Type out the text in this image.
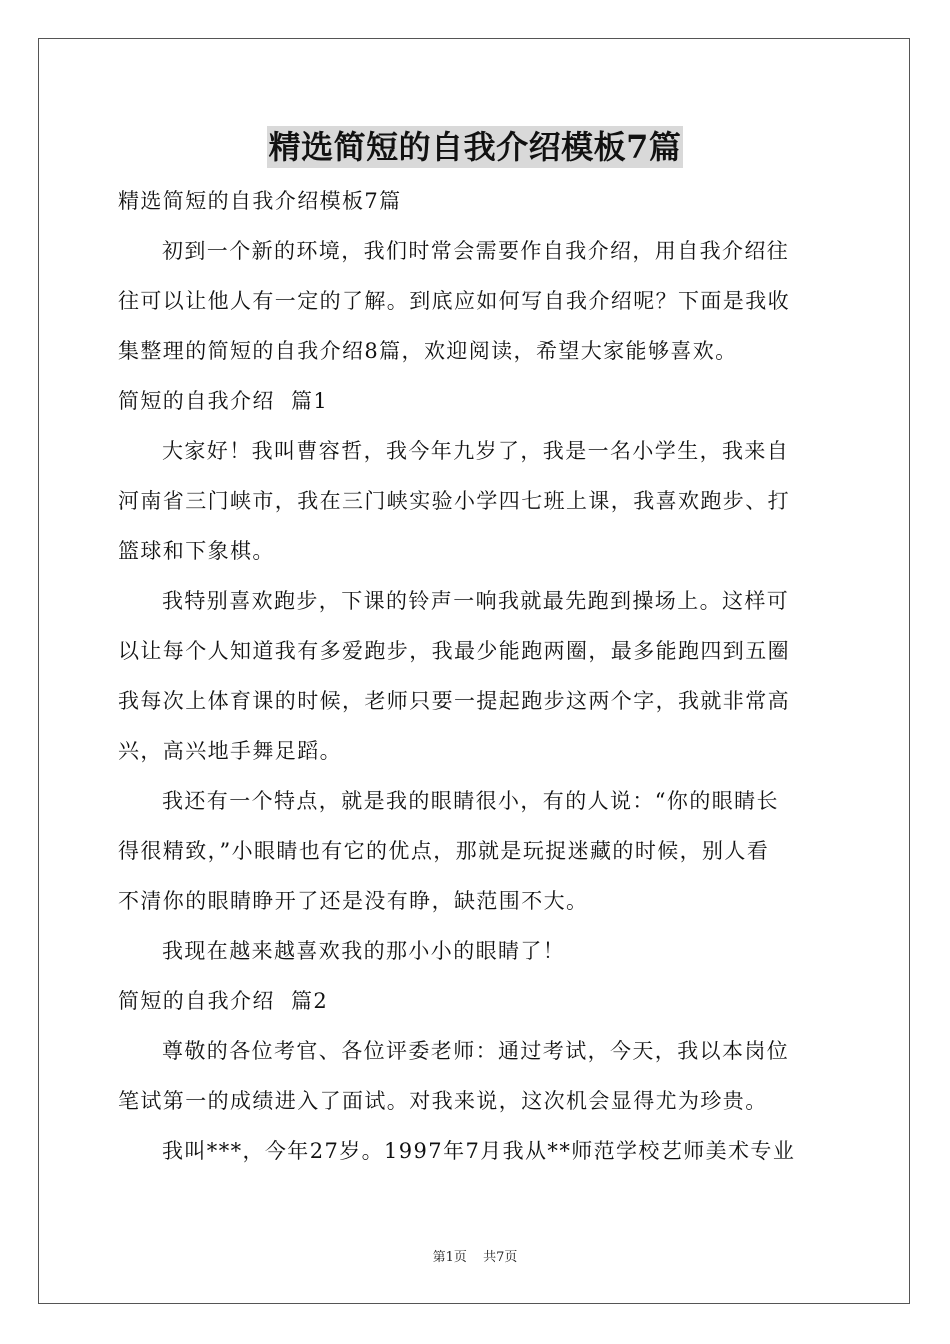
精选简短的自我介绍模板7篇
精选简短的自我介绍模板7篇
初到一个新的环境，我们时常会需要作自我介绍，用自我介绍往
往可以让他人有一定的了解。到底应如何写自我介绍呢？下面是我收
集整理的简短的自我介绍8篇，欢迎阅读，希望大家能够喜欢。
简短的自我介绍  篇1
大家好！我叫曹容哲，我今年九岁了，我是一名小学生，我来自
河南省三门峡市，我在三门峡实验小学四七班上课，我喜欢跑步、打
篮球和下象棋。
我特别喜欢跑步，下课的铃声一响我就最先跑到操场上。这样可
以让每个人知道我有多爱跑步，我最少能跑两圈，最多能跑四到五圈
我每次上体育课的时候，老师只要一提起跑步这两个字，我就非常高
兴，高兴地手舞足蹈。
我还有一个特点，就是我的眼睛很小，有的人说：“你的眼睛长
得很精致，”小眼睛也有它的优点，那就是玩捉迷藏的时候，别人看
不清你的眼睛睁开了还是没有睁，缺范围不大。
我现在越来越喜欢我的那小小的眼睛了！
简短的自我介绍  篇2
尊敬的各位考官、各位评委老师：通过考试，今天，我以本岗位
笔试第一的成绩进入了面试。对我来说，这次机会显得尤为珍贵。
我叫***，今年27岁。1997年7月我从**师范学校艺师美术专业
第1页 共7页
